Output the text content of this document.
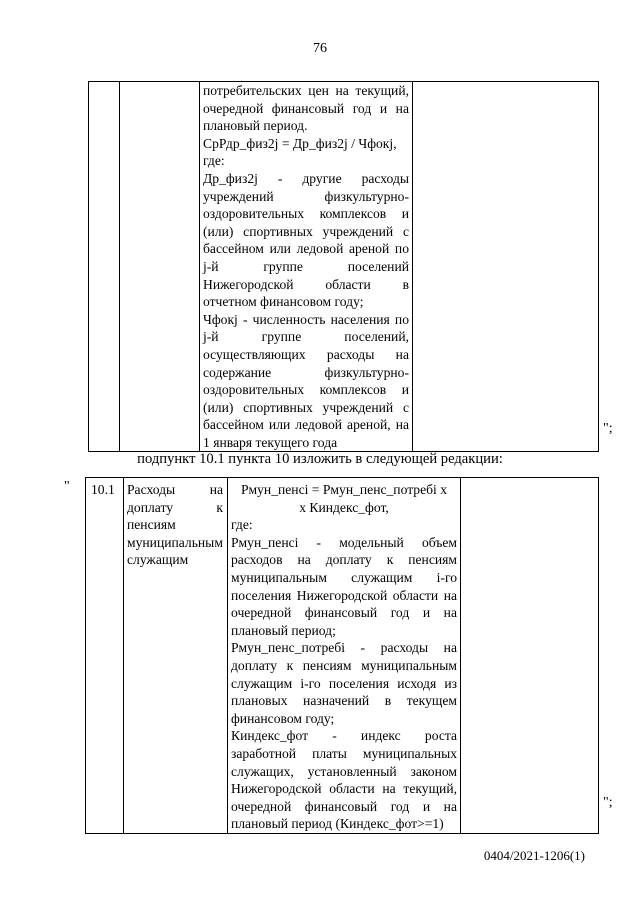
76

потребительских цен на текущий, очередной финансовый год и на плановый период.
СрРдр_физ2j = Др_физ2j / Чфокj,
где:
Др_физ2j - другие расходы учреждений физкультурно-оздоровительных комплексов и (или) спортивных учреждений с бассейном или ледовой ареной по j-й группе поселений Нижегородской области в отчетном финансовом году;
Чфокj - численность населения по j-й группе поселений, осуществляющих расходы на содержание физкультурно-оздоровительных комплексов и (или) спортивных учреждений с бассейном или ледовой ареной, на 1 января текущего года

";
подпункт 10.1 пункта 10 изложить в следующей редакции:
" 10.1	Расходы на доплату к пенсиям муниципальным служащим

Рмун_пенсi = Рмун_пенс_потребi х
х Киндекс_фот,
где:
Рмун_пенсi - модельный объем расходов на доплату к пенсиям муниципальным служащим i-го поселения Нижегородской области на очередной финансовый год и на плановый период;
Рмун_пенс_потребi - расходы на доплату к пенсиям муниципальным служащим i-го поселения исходя из плановых назначений в текущем финансовом году;
Киндекс_фот - индекс роста заработной платы муниципальных служащих, установленный законом Нижегородской области на текущий, очередной финансовый год и на плановый период (Киндекс_фот>=1)

";
0404/2021-1206(1)
